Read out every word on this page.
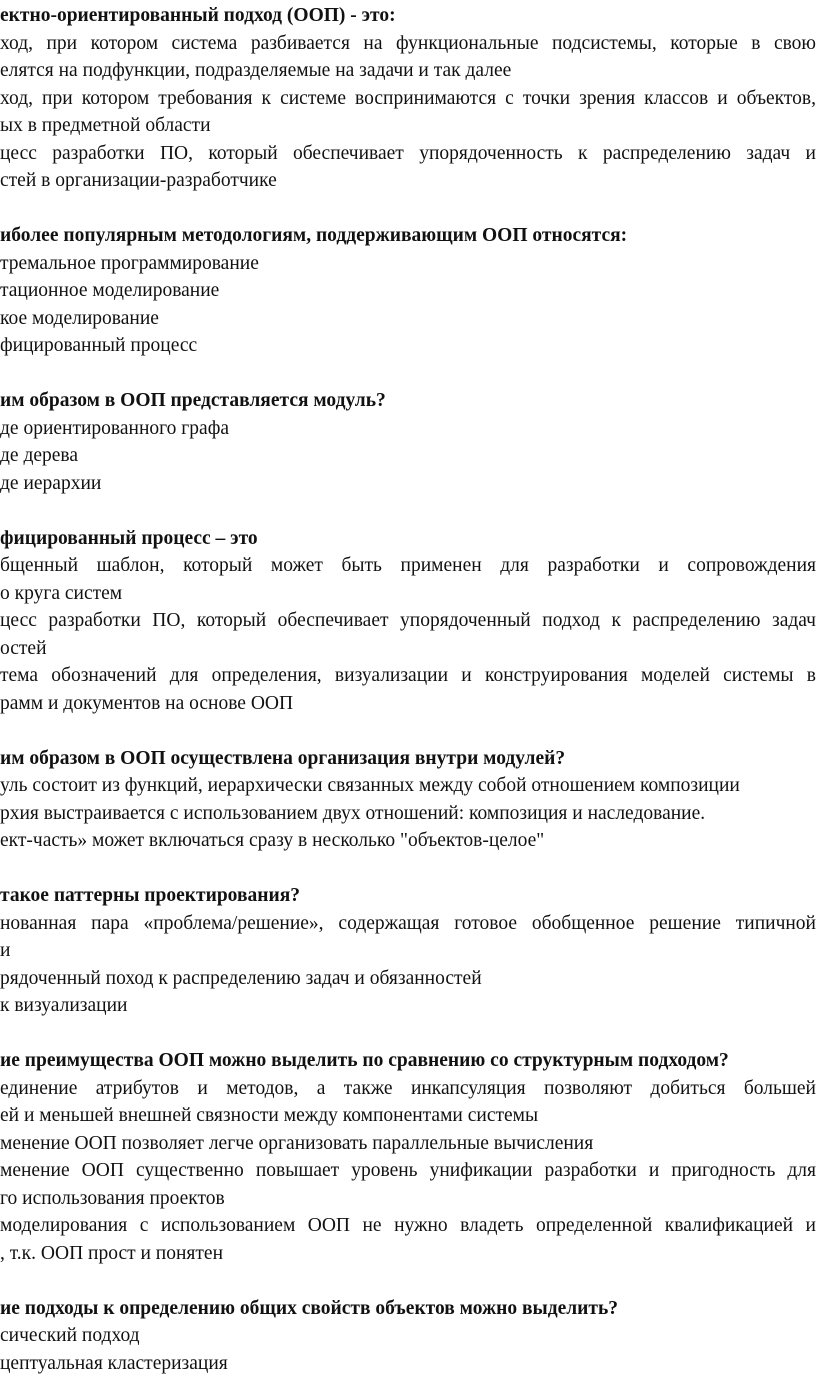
ектно-ориентированный подход (ООП) - это:
ход, при котором система разбивается на функциональные подсистемы, которые в свою
елятся на подфункции, подразделяемые на задачи и так далее
ход, при котором требования к системе воспринимаются с точки зрения классов и объектов,
ых в предметной области
цесс разработки ПО, который обеспечивает упорядоченность к распределению задач и
стей в организации-разработчике
иболее популярным методологиям, поддерживающим ООП относятся:
тремальное программирование
тационное моделирование
кое моделирование
фицированный процесс
им образом в ООП представляется модуль?
де ориентированного графа
де дерева
де иерархии
фицированный процесс – это
бщенный шаблон, который может быть применен для разработки и сопровождения
о круга систем
цесс разработки ПО, который обеспечивает упорядоченный подход к распределению задач
остей
тема обозначений для определения, визуализации и конструирования моделей системы в
рамм и документов на основе ООП
им образом в ООП осуществлена организация внутри модулей?
уль состоит из функций, иерархически связанных между собой отношением композиции
рхия выстраивается с использованием двух отношений: композиция и наследование.
ект-часть» может включаться сразу в несколько "объектов-целое"
такое паттерны проектирования?
нованная пара «проблема/решение», содержащая готовое обобщенное решение типичной
и
рядоченный поход к распределению задач и обязанностей
к визуализации
ие преимущества ООП можно выделить по сравнению со структурным подходом?
единение атрибутов и методов, а также инкапсуляция позволяют добиться большей
ей и меньшей внешней связности между компонентами системы
менение ООП позволяет легче организовать параллельные вычисления
менение ООП существенно повышает уровень унификации разработки и пригодность для
го использования проектов
моделирования с использованием ООП не нужно владеть определенной квалификацией и
, т.к. ООП прост и понятен
ие подходы к определению общих свойств объектов можно выделить?
сический подход
цептуальная кластеризация
